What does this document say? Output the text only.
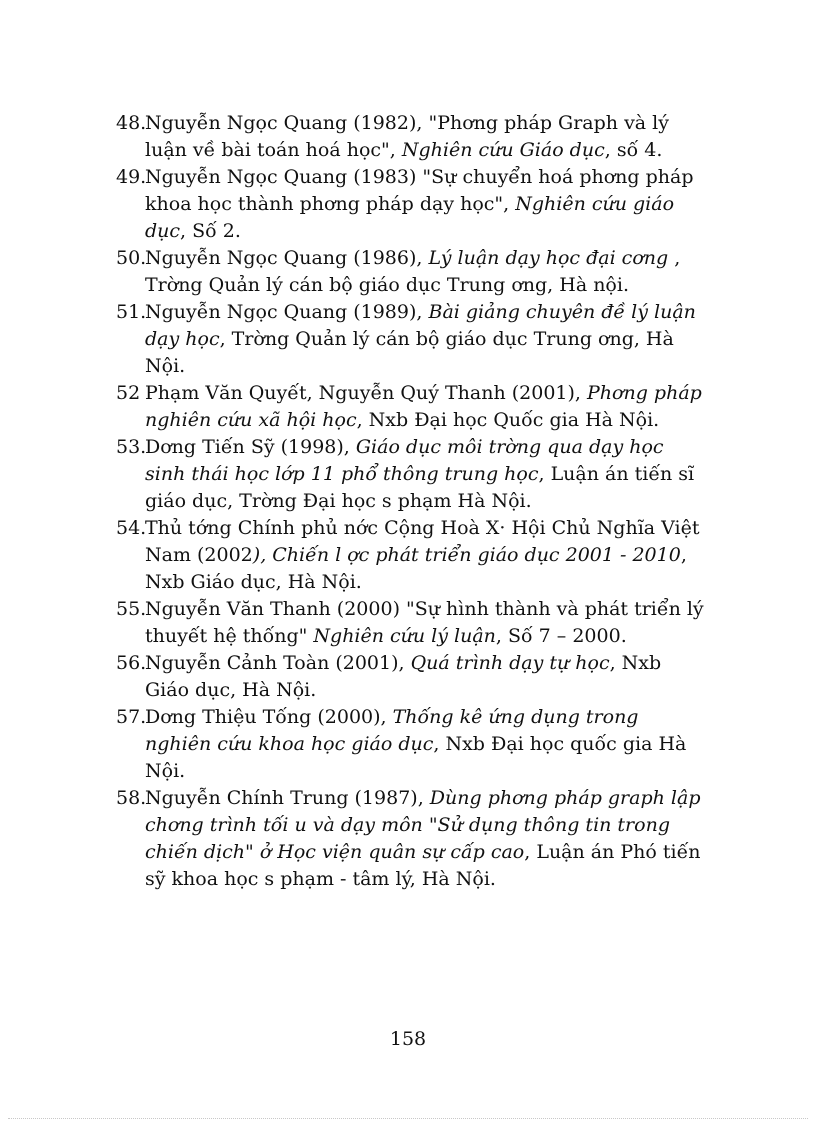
48.
Nguyễn Ngọc Quang (1982), "Phơng pháp Graph và lý luận về bài toán hoá học", Nghiên cứu Giáo dục, số 4.
49.
Nguyễn Ngọc Quang (1983) "Sự chuyển hoá phơng pháp khoa học thành phơng pháp dạy học", Nghiên cứu giáo dục, Số 2.
50.
Nguyễn Ngọc Quang (1986), Lý luận dạy học đại cơng , Trờng Quản lý cán bộ giáo dục Trung ơng, Hà nội.
51.
Nguyễn Ngọc Quang (1989), Bài giảng chuyên đề lý luận dạy học, Trờng Quản lý cán bộ giáo dục Trung ơng, Hà Nội.
52 Phạm Văn Quyết, Nguyễn Quý Thanh (2001), Phơng pháp nghiên cứu xã hội học, Nxb Đại học Quốc gia Hà Nội.
53.
Dơng Tiến Sỹ (1998), Giáo dục môi trờng qua dạy học sinh thái học lớp 11 phổ thông trung học, Luận án tiến sĩ giáo dục, Trờng Đại học s phạm Hà Nội.
54.
Thủ tớng Chính phủ nớc Cộng Hoà X· Hội Chủ Nghĩa Việt Nam (2002), Chiến l ợc phát triển giáo dục 2001 - 2010, Nxb Giáo dục, Hà Nội.
55.
Nguyễn Văn Thanh (2000) "Sự hình thành và phát triển lý thuyết hệ thống" Nghiên cứu lý luận, Số 7 – 2000.
56.
Nguyễn Cảnh Toàn (2001), Quá trình dạy tự học, Nxb Giáo dục, Hà Nội.
57.
Dơng Thiệu Tống (2000), Thống kê ứng dụng trong nghiên cứu khoa học giáo dục, Nxb Đại học quốc gia Hà Nội.
58.
Nguyễn Chính Trung (1987), Dùng phơng pháp graph lập chơng trình tối u và dạy môn "Sử dụng thông tin trong chiến dịch" ở Học viện quân sự cấp cao, Luận án Phó tiến sỹ khoa học s phạm - tâm lý, Hà Nội.
158
